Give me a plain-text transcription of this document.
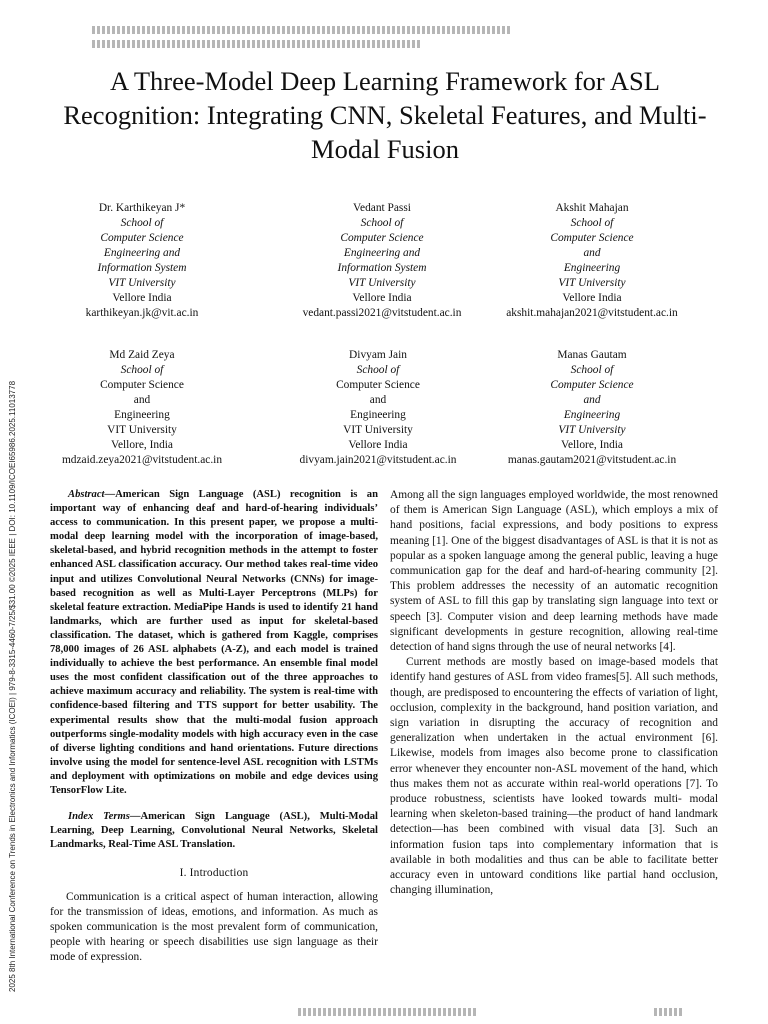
2025 8th International Conference on Trends in Electronics and Informatics (ICOEI) | 979-8-3315-4460-7/25/$31.00 ©2025 IEEE | DOI: 10.1109/ICOEI65986.2025.11013778
A Three-Model Deep Learning Framework for ASL Recognition: Integrating CNN, Skeletal Features, and Multi-Modal Fusion
Dr. Karthikeyan J*
School of
Computer Science
Engineering and
Information System
VIT University
Vellore India
karthikeyan.jk@vit.ac.in
Vedant Passi
School of
Computer Science
Engineering and
Information System
VIT University
Vellore India
vedant.passi2021@vitstudent.ac.in
Akshit Mahajan
School of
Computer Science
and
Engineering
VIT University
Vellore India
akshit.mahajan2021@vitstudent.ac.in
Md Zaid Zeya
School of
Computer Science
and
Engineering
VIT University
Vellore, India
mdzaid.zeya2021@vitstudent.ac.in
Divyam Jain
School of
Computer Science
and
Engineering
VIT University
Vellore India
divyam.jain2021@vitstudent.ac.in
Manas Gautam
School of
Computer Science
and
Engineering
VIT University
Vellore, India
manas.gautam2021@vitstudent.ac.in

Abstract—American Sign Language (ASL) recognition is an important way of enhancing deaf and hard-of-hearing individuals’ access to communication. In this present paper, we propose a multi-modal deep learning model with the incorporation of image-based, skeletal-based, and hybrid recognition methods in the attempt to foster enhanced ASL classification accuracy. Our method takes real-time video input and utilizes Convolutional Neural Networks (CNNs) for image-based recognition as well as Multi-Layer Perceptrons (MLPs) for skeletal feature extraction. MediaPipe Hands is used to identify 21 hand landmarks, which are further used as input for skeletal-based classification. The dataset, which is gathered from Kaggle, comprises 78,000 images of 26 ASL alphabets (A-Z), and each model is trained individually to achieve the best performance. An ensemble final model uses the most confident classification out of the three approaches to achieve maximum accuracy and reliability. The system is real-time with confidence-based filtering and TTS support for better usability. The experimental results show that the multi-modal fusion approach outperforms single-modality models with high accuracy even in the case of diverse lighting conditions and hand orientations. Future directions involve using the model for sentence-level ASL recognition with LSTMs and deployment with optimizations on mobile and edge devices using TensorFlow Lite.

Index Terms—American Sign Language (ASL), Multi-Modal Learning, Deep Learning, Convolutional Neural Networks, Skeletal Landmarks, Real-Time ASL Translation.

I. Introduction

Communication is a critical aspect of human interaction, allowing for the transmission of ideas, emotions, and information. As much as spoken communication is the most prevalent form of communication, people with hearing or speech disabilities use sign language as their mode of expression.

Among all the sign languages employed worldwide, the most renowned of them is American Sign Language (ASL), which employs a mix of hand positions, facial expressions, and body positions to express meaning [1]. One of the biggest disadvantages of ASL is that it is not as popular as a spoken language among the general public, leaving a huge communication gap for the deaf and hard-of-hearing community [2]. This problem addresses the necessity of an automatic recognition system of ASL to fill this gap by translating sign language into text or speech [3]. Computer vision and deep learning methods have made significant developments in gesture recognition, allowing real-time detection of hand signs through the use of neural networks [4].

Current methods are mostly based on image-based models that identify hand gestures of ASL from video frames[5]. All such methods, though, are predisposed to encountering the effects of variation of light, occlusion, complexity in the background, hand position variation, and sign variation in disrupting the accuracy of recognition and generalization when undertaken in the actual environment [6]. Likewise, models from images also become prone to classification error whenever they encounter non-ASL movement of the hand, which thus makes them not as accurate within real-world operations [7]. To produce robustness, scientists have looked towards multi- modal learning when skeleton-based training—the product of hand landmark detection—has been combined with visual data [3]. Such an information fusion taps into complementary information that is available in both modalities and thus can be able to facilitate better accuracy even in untoward conditions like partial hand occlusion, changing illumination,
